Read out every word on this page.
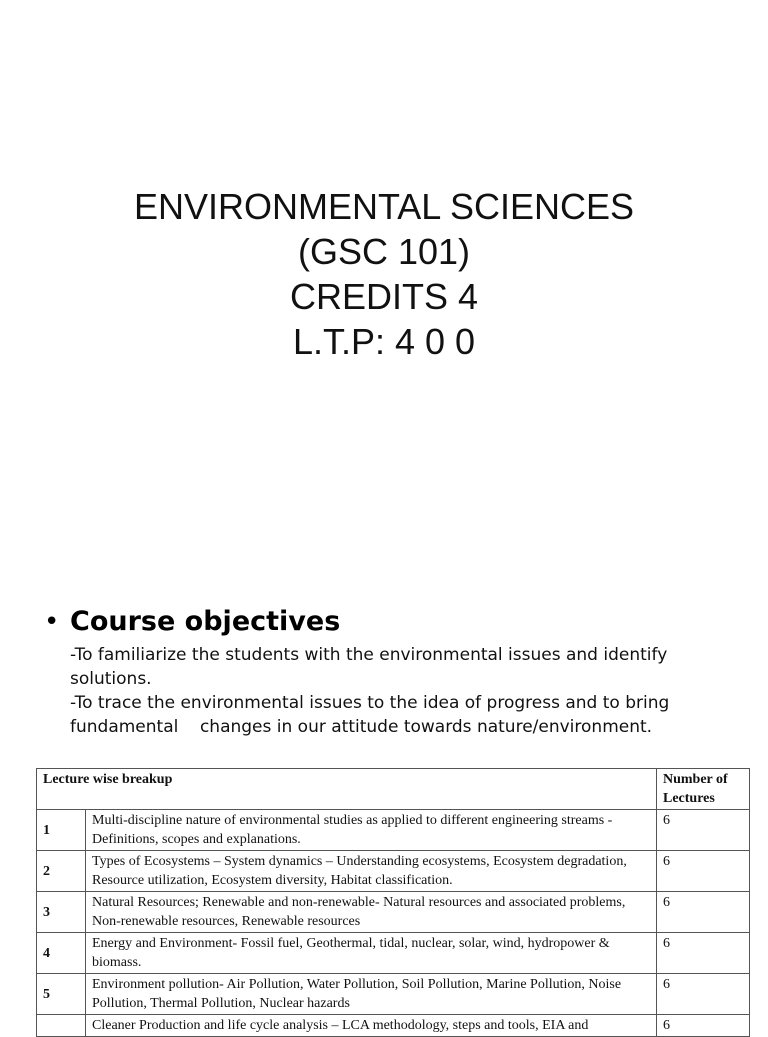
ENVIRONMENTAL SCIENCES
(GSC 101)
CREDITS 4
L.T.P: 4 0 0
• Course objectives

-To familiarize the students with the environmental issues and identify solutions.

-To trace the environmental issues to the idea of progress and to bring fundamental    changes in our attitude towards nature/environment.

Lecture wise breakup		Number of Lectures
1	Multi-discipline nature of environmental studies as applied to different engineering streams - Definitions, scopes and explanations.	6
2	Types of Ecosystems – System dynamics – Understanding ecosystems, Ecosystem degradation, Resource utilization, Ecosystem diversity, Habitat classification.	6
3	Natural Resources; Renewable and non-renewable- Natural resources and associated problems, Non-renewable resources, Renewable resources	6
4	Energy and Environment- Fossil fuel, Geothermal, tidal, nuclear, solar, wind, hydropower & biomass.	6
5	Environment pollution- Air Pollution, Water Pollution, Soil Pollution, Marine Pollution, Noise Pollution, Thermal Pollution, Nuclear hazards	6
	Cleaner Production and life cycle analysis – LCA methodology, steps and tools, EIA and	6
